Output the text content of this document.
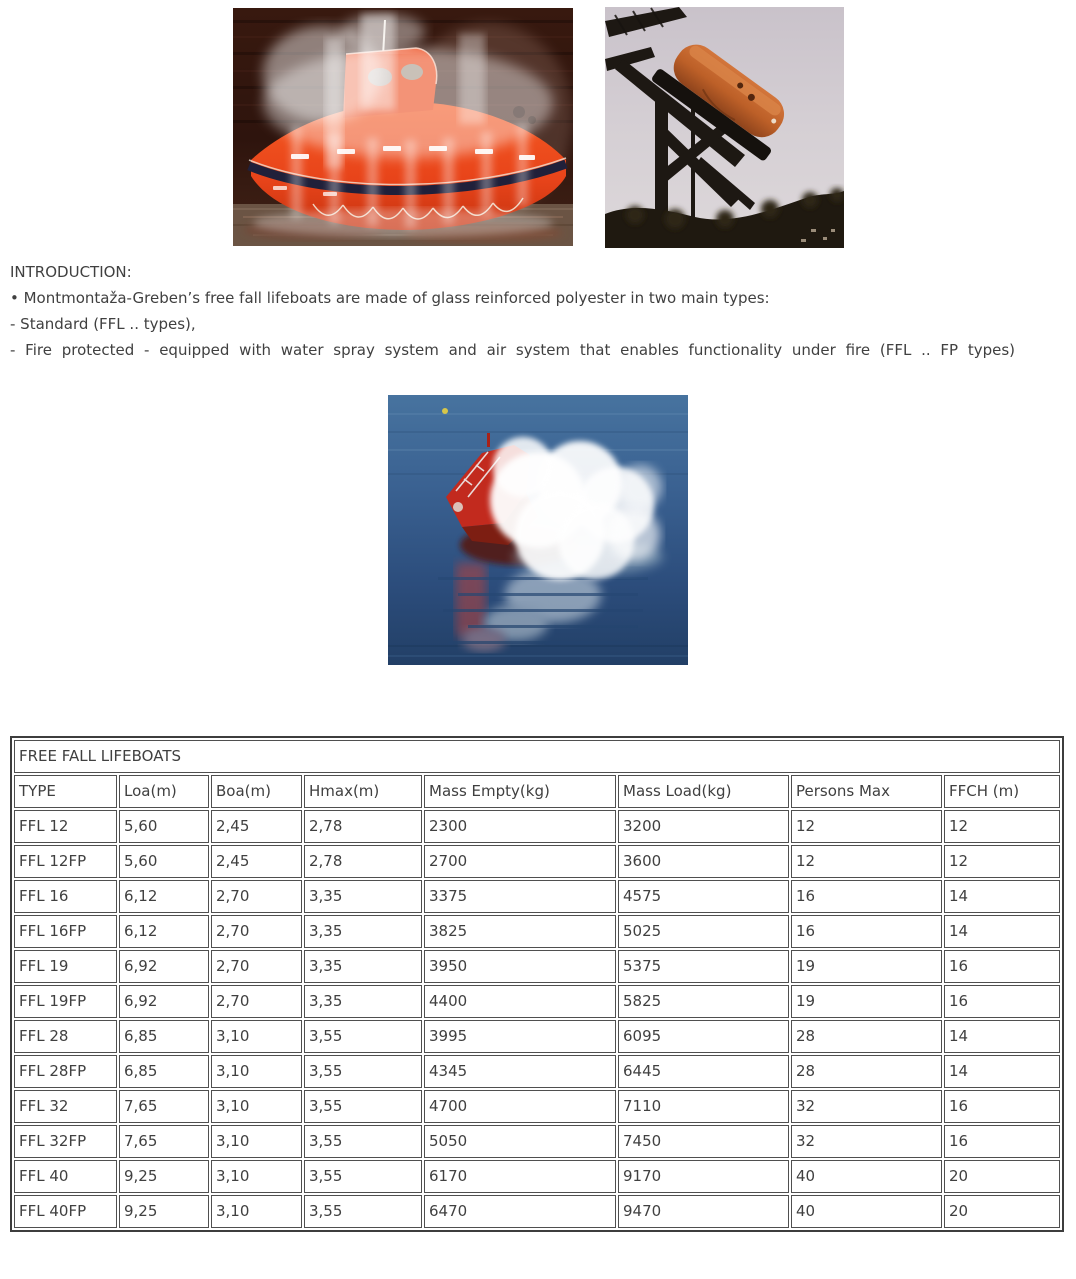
INTRODUCTION:
• Montmontaža-Greben’s free fall lifeboats are made of glass reinforced polyester in two main types:
- Standard (FFL .. types),
- Fire protected - equipped with water spray system and air system that enables functionality under fire (FFL .. FP types)
FREE FALL LIFEBOATS							
TYPE	Loa(m)	Boa(m)	Hmax(m)	Mass Empty(kg)	Mass Load(kg)	Persons Max	FFCH (m)
FFL 12	5,60	2,45	2,78	2300	3200	12	12
FFL 12FP	5,60	2,45	2,78	2700	3600	12	12
FFL 16	6,12	2,70	3,35	3375	4575	16	14
FFL 16FP	6,12	2,70	3,35	3825	5025	16	14
FFL 19	6,92	2,70	3,35	3950	5375	19	16
FFL 19FP	6,92	2,70	3,35	4400	5825	19	16
FFL 28	6,85	3,10	3,55	3995	6095	28	14
FFL 28FP	6,85	3,10	3,55	4345	6445	28	14
FFL 32	7,65	3,10	3,55	4700	7110	32	16
FFL 32FP	7,65	3,10	3,55	5050	7450	32	16
FFL 40	9,25	3,10	3,55	6170	9170	40	20
FFL 40FP	9,25	3,10	3,55	6470	9470	40	20
